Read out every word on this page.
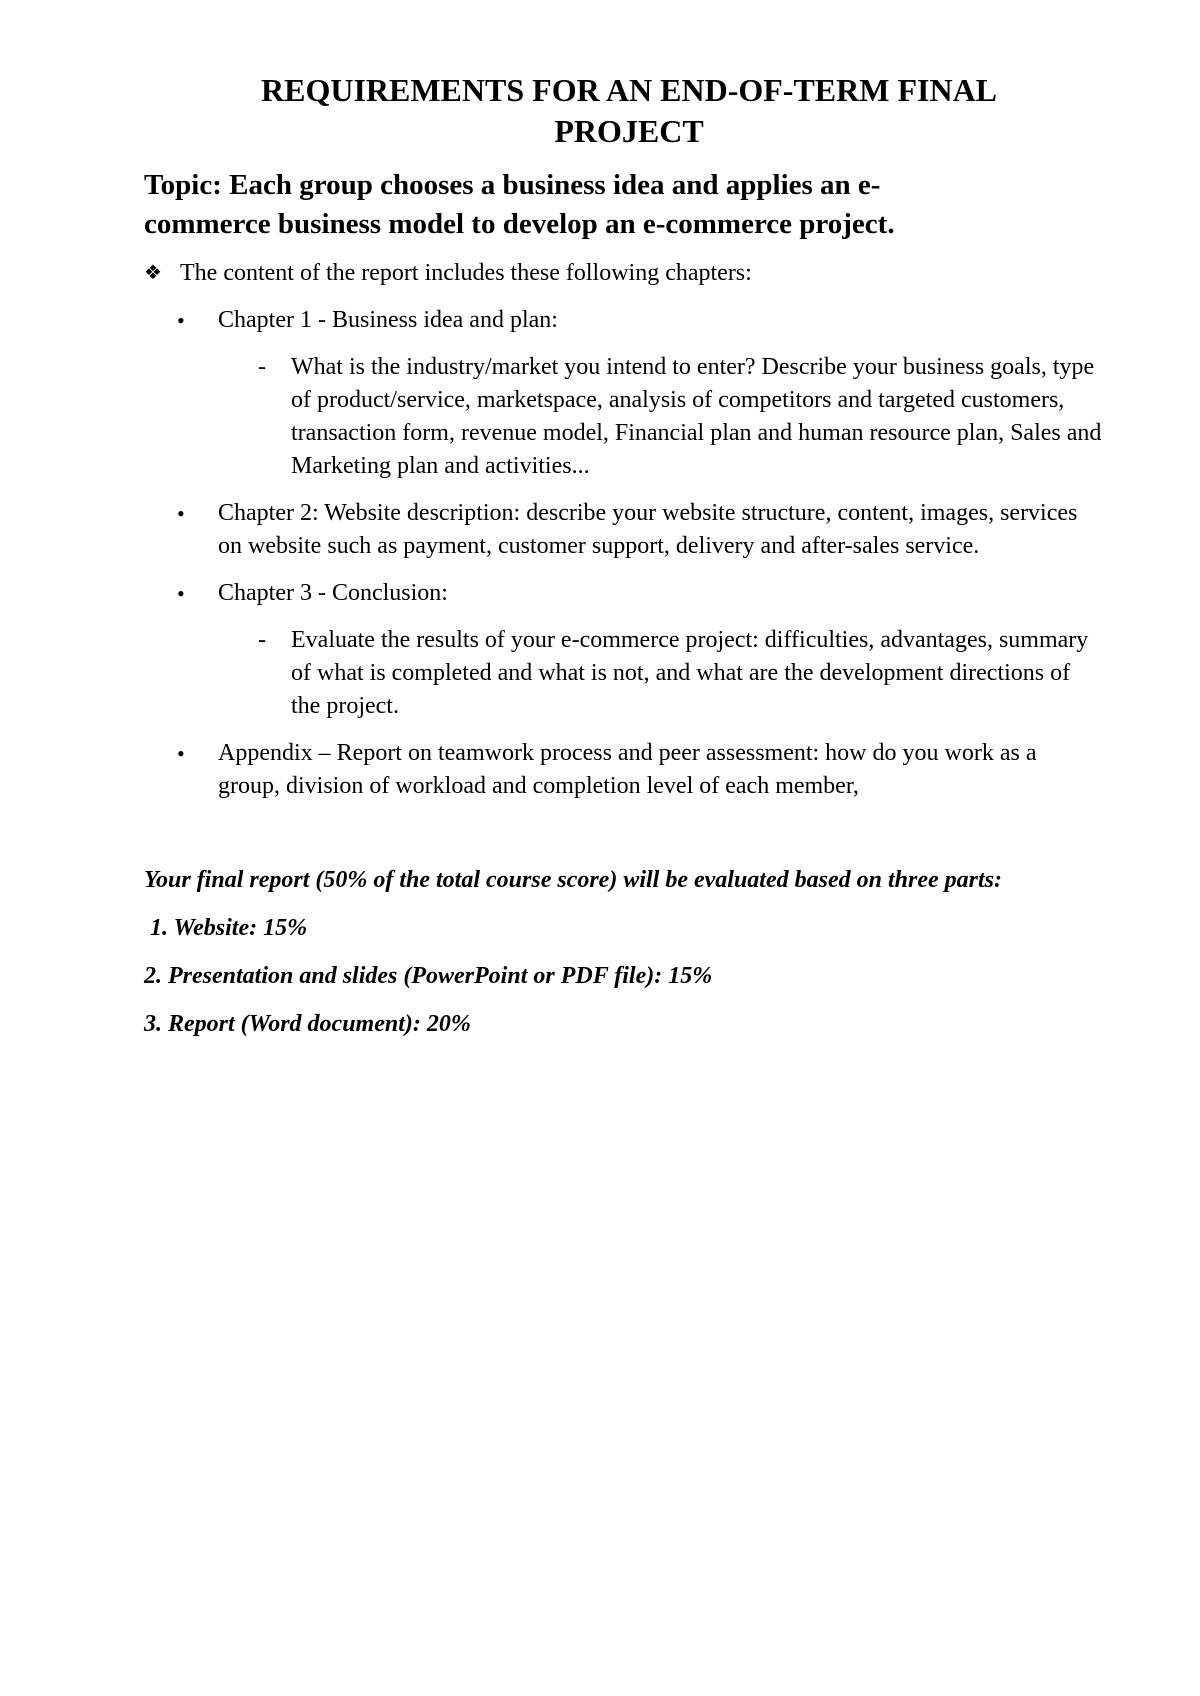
REQUIREMENTS FOR AN END-OF-TERM FINAL
PROJECT

Topic: Each group chooses a business idea and applies an e-commerce business model to develop an e-commerce project.

❖ The content of the report includes these following chapters:
• Chapter 1 - Business idea and plan:

- What is the industry/market you intend to enter? Describe your business goals, type of product/service, marketspace, analysis of competitors and targeted customers, transaction form, revenue model, Financial plan and human resource plan, Sales and Marketing plan and activities...

• Chapter 2: Website description: describe your website structure, content, images, services on website such as payment, customer support, delivery and after-sales service.
• Chapter 3 - Conclusion:

- Evaluate the results of your e-commerce project: difficulties, advantages, summary of what is completed and what is not, and what are the development directions of the project.

• Appendix – Report on teamwork process and peer assessment: how do you work as a group, division of workload and completion level of each member,

Your final report (50% of the total course score) will be evaluated based on three parts:

1. Website: 15%

2. Presentation and slides (PowerPoint or PDF file): 15%

3. Report (Word document): 20%
